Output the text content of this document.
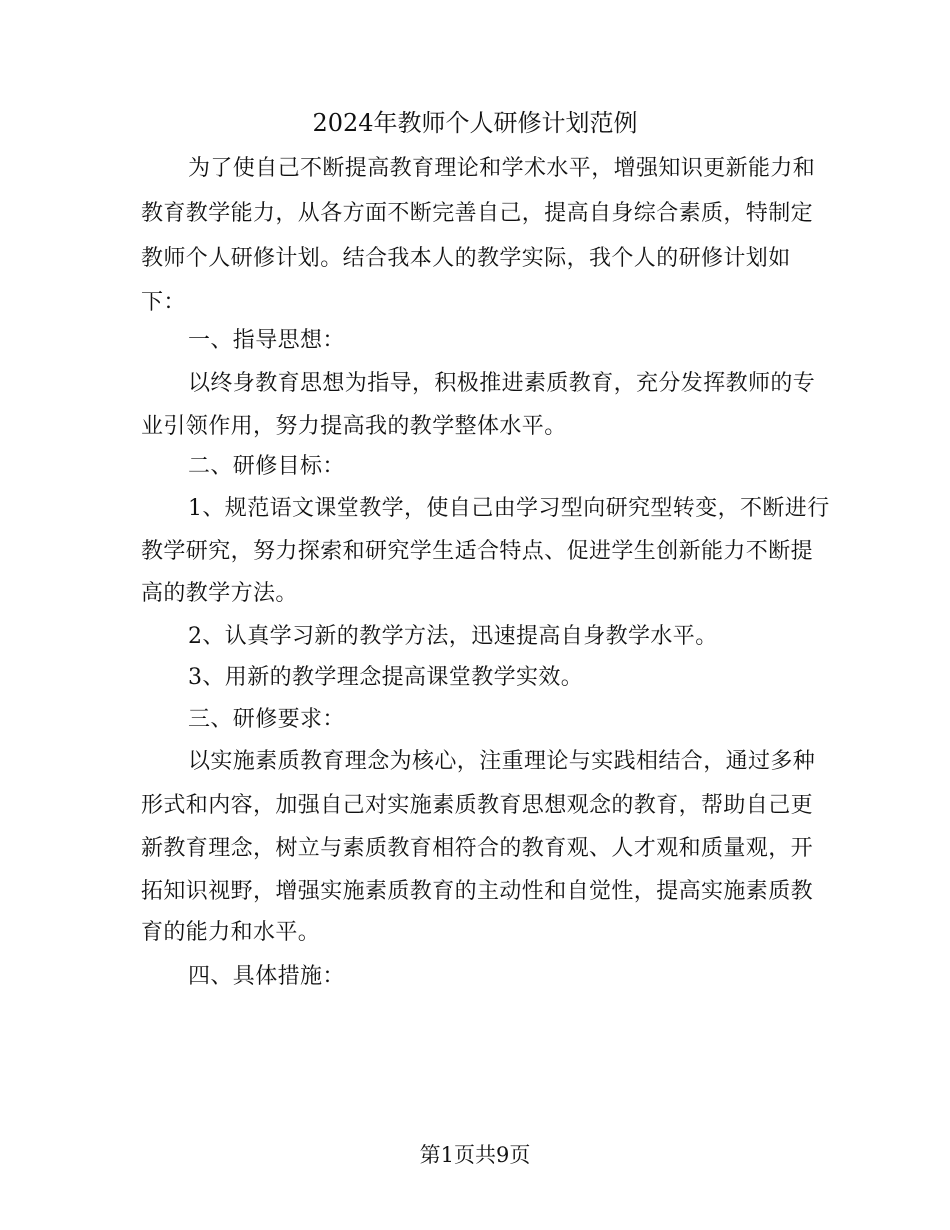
2024年教师个人研修计划范例
为了使自己不断提高教育理论和学术水平，增强知识更新能力和
教育教学能力，从各方面不断完善自己，提高自身综合素质，特制定
教师个人研修计划。结合我本人的教学实际，我个人的研修计划如
下：
一、指导思想：
以终身教育思想为指导，积极推进素质教育，充分发挥教师的专
业引领作用，努力提高我的教学整体水平。
二、研修目标：
1、规范语文课堂教学，使自己由学习型向研究型转变，不断进行
教学研究，努力探索和研究学生适合特点、促进学生创新能力不断提
高的教学方法。
2、认真学习新的教学方法，迅速提高自身教学水平。
3、用新的教学理念提高课堂教学实效。
三、研修要求：
以实施素质教育理念为核心，注重理论与实践相结合，通过多种
形式和内容，加强自己对实施素质教育思想观念的教育，帮助自己更
新教育理念，树立与素质教育相符合的教育观、人才观和质量观，开
拓知识视野，增强实施素质教育的主动性和自觉性，提高实施素质教
育的能力和水平。
四、具体措施：
第1页共9页
